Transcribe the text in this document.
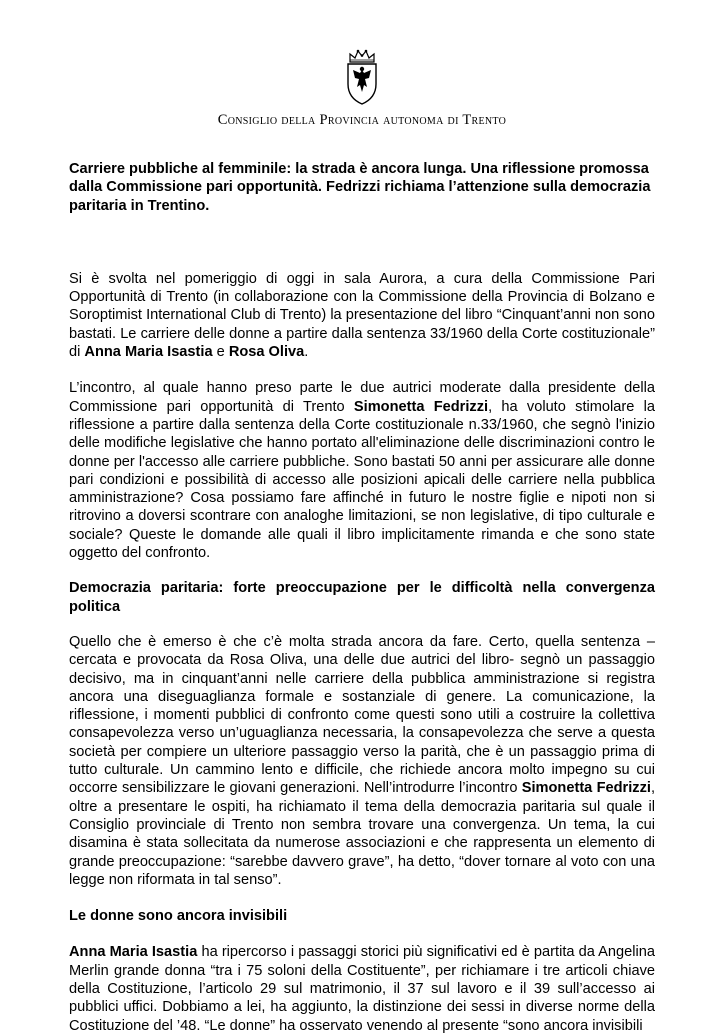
Consiglio della Provincia autonoma di Trento

Carriere pubbliche al femminile: la strada è ancora lunga. Una riflessione promossa dalla Commissione pari opportunità. Fedrizzi richiama l’attenzione sulla democrazia paritaria in Trentino.

Si è svolta nel pomeriggio di oggi in sala Aurora, a cura della Commissione Pari Opportunità di Trento (in collaborazione con la Commissione della Provincia di Bolzano e Soroptimist International Club di Trento) la presentazione del libro “Cinquant’anni non sono bastati. Le carriere delle donne a partire dalla sentenza 33/1960 della Corte costituzionale” di Anna Maria Isastia e Rosa Oliva.

L’incontro, al quale hanno preso parte le due autrici moderate dalla presidente della Commissione pari opportunità di Trento Simonetta Fedrizzi, ha voluto stimolare la riflessione a partire dalla sentenza della Corte costituzionale n.33/1960, che segnò l'inizio delle modifiche legislative che hanno portato all'eliminazione delle discriminazioni contro le donne per l'accesso alle carriere pubbliche. Sono bastati 50 anni per assicurare alle donne pari condizioni e possibilità di accesso alle posizioni apicali delle carriere nella pubblica amministrazione? Cosa possiamo fare affinché in futuro le nostre figlie e nipoti non si ritrovino a doversi scontrare con analoghe limitazioni, se non legislative, di tipo culturale e sociale? Queste le domande alle quali il libro implicitamente rimanda e che sono state oggetto del confronto.

Democrazia paritaria: forte preoccupazione per le difficoltà nella convergenza politica

Quello che è emerso è che c’è molta strada ancora da fare. Certo, quella sentenza – cercata e provocata da Rosa Oliva, una delle due autrici del libro- segnò un passaggio decisivo, ma in cinquant’anni nelle carriere della pubblica amministrazione si registra ancora una diseguaglianza formale e sostanziale di genere. La comunicazione, la riflessione, i momenti pubblici di confronto come questi sono utili a costruire la collettiva consapevolezza verso un’uguaglianza necessaria, la consapevolezza che serve a questa società per compiere un ulteriore passaggio verso la parità, che è un passaggio prima di tutto culturale. Un cammino lento e difficile, che richiede ancora molto impegno su cui occorre sensibilizzare le giovani generazioni. Nell’introdurre l’incontro Simonetta Fedrizzi, oltre a presentare le ospiti, ha richiamato il tema della democrazia paritaria sul quale il Consiglio provinciale di Trento non sembra trovare una convergenza. Un tema, la cui disamina è stata sollecitata da numerose associazioni e che rappresenta un elemento di grande preoccupazione: “sarebbe davvero grave”, ha detto, “dover tornare al voto con una legge non riformata in tal senso”.

Le donne sono ancora invisibili

Anna Maria Isastia ha ripercorso i passaggi storici più significativi ed è partita da Angelina Merlin grande donna “tra i 75 soloni della Costituente”, per richiamare i tre articoli chiave della Costituzione, l’articolo 29 sul matrimonio, il 37 sul lavoro e il 39 sull’accesso ai pubblici uffici. Dobbiamo a lei, ha aggiunto, la distinzione dei sessi in diverse norme della Costituzione del ’48. “Le donne” ha osservato venendo al presente “sono ancora invisibili
